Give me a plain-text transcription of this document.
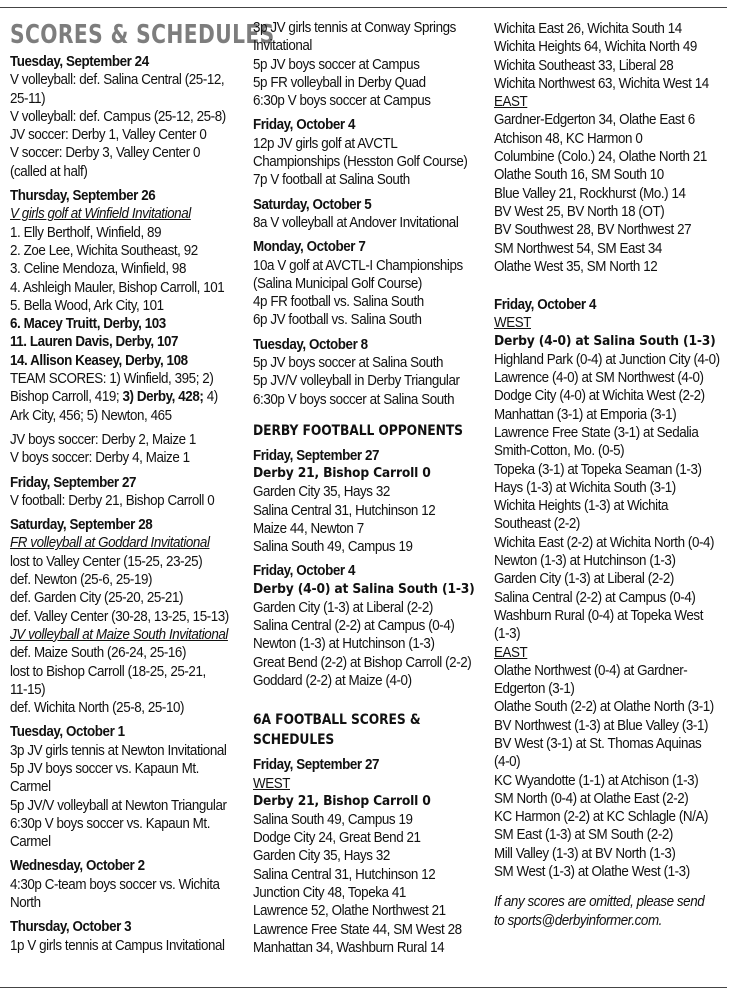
SCORES & SCHEDULES
Tuesday, September 24
V volleyball: def. Salina Central (25-12,
25-11)
V volleyball: def. Campus (25-12, 25-8)
JV soccer: Derby 1, Valley Center 0
V soccer: Derby 3, Valley Center 0
(called at half)
Thursday, September 26
V girls golf at Winfield Invitational
1. Elly Bertholf, Winfield, 89
2. Zoe Lee, Wichita Southeast, 92
3. Celine Mendoza, Winfield, 98
4. Ashleigh Mauler, Bishop Carroll, 101
5. Bella Wood, Ark City, 101
6. Macey Truitt, Derby, 103
11. Lauren Davis, Derby, 107
14. Allison Keasey, Derby, 108
TEAM SCORES: 1) Winfield, 395; 2)
Bishop Carroll, 419; 3) Derby, 428; 4)
Ark City, 456; 5) Newton, 465
JV boys soccer: Derby 2, Maize 1
V boys soccer: Derby 4, Maize 1
Friday, September 27
V football: Derby 21, Bishop Carroll 0
Saturday, September 28
FR volleyball at Goddard Invitational
lost to Valley Center (15-25, 23-25)
def. Newton (25-6, 25-19)
def. Garden City (25-20, 25-21)
def. Valley Center (30-28, 13-25, 15-13)
JV volleyball at Maize South Invitational
def. Maize South (26-24, 25-16)
lost to Bishop Carroll (18-25, 25-21,
11-15)
def. Wichita North (25-8, 25-10)
Tuesday, October 1
3p JV girls tennis at Newton Invitational
5p JV boys soccer vs. Kapaun Mt.
Carmel
5p JV/V volleyball at Newton Triangular
6:30p V boys soccer vs. Kapaun Mt.
Carmel
Wednesday, October 2
4:30p C-team boys soccer vs. Wichita
North
Thursday, October 3
1p V girls tennis at Campus Invitational
3p JV girls tennis at Conway Springs
Invitational
5p JV boys soccer at Campus
5p FR volleyball in Derby Quad
6:30p V boys soccer at Campus
Friday, October 4
12p JV girls golf at AVCTL
Championships (Hesston Golf Course)
7p V football at Salina South
Saturday, October 5
8a V volleyball at Andover Invitational
Monday, October 7
10a V golf at AVCTL-I Championships
(Salina Municipal Golf Course)
4p FR football vs. Salina South
6p JV football vs. Salina South
Tuesday, October 8
5p JV boys soccer at Salina South
5p JV/V volleyball in Derby Triangular
6:30p V boys soccer at Salina South
DERBY FOOTBALL OPPONENTS
Friday, September 27
Derby 21, Bishop Carroll 0
Garden City 35, Hays 32
Salina Central 31, Hutchinson 12
Maize 44, Newton 7
Salina South 49, Campus 19
Friday, October 4
Derby (4-0) at Salina South (1-3)
Garden City (1-3) at Liberal (2-2)
Salina Central (2-2) at Campus (0-4)
Newton (1-3) at Hutchinson (1-3)
Great Bend (2-2) at Bishop Carroll (2-2)
Goddard (2-2) at Maize (4-0)
6A FOOTBALL SCORES &
SCHEDULES
Friday, September 27
WEST
Derby 21, Bishop Carroll 0
Salina South 49, Campus 19
Dodge City 24, Great Bend 21
Garden City 35, Hays 32
Salina Central 31, Hutchinson 12
Junction City 48, Topeka 41
Lawrence 52, Olathe Northwest 21
Lawrence Free State 44, SM West 28
Manhattan 34, Washburn Rural 14
Wichita East 26, Wichita South 14
Wichita Heights 64, Wichita North 49
Wichita Southeast 33, Liberal 28
Wichita Northwest 63, Wichita West 14
EAST
Gardner-Edgerton 34, Olathe East 6
Atchison 48, KC Harmon 0
Columbine (Colo.) 24, Olathe North 21
Olathe South 16, SM South 10
Blue Valley 21, Rockhurst (Mo.) 14
BV West 25, BV North 18 (OT)
BV Southwest 28, BV Northwest 27
SM Northwest 54, SM East 34
Olathe West 35, SM North 12
Friday, October 4
WEST
Derby (4-0) at Salina South (1-3)
Highland Park (0-4) at Junction City (4-0)
Lawrence (4-0) at SM Northwest (4-0)
Dodge City (4-0) at Wichita West (2-2)
Manhattan (3-1) at Emporia (3-1)
Lawrence Free State (3-1) at Sedalia
Smith-Cotton, Mo. (0-5)
Topeka (3-1) at Topeka Seaman (1-3)
Hays (1-3) at Wichita South (3-1)
Wichita Heights (1-3) at Wichita
Southeast (2-2)
Wichita East (2-2) at Wichita North (0-4)
Newton (1-3) at Hutchinson (1-3)
Garden City (1-3) at Liberal (2-2)
Salina Central (2-2) at Campus (0-4)
Washburn Rural (0-4) at Topeka West
(1-3)
EAST
Olathe Northwest (0-4) at Gardner-
Edgerton (3-1)
Olathe South (2-2) at Olathe North (3-1)
BV Northwest (1-3) at Blue Valley (3-1)
BV West (3-1) at St. Thomas Aquinas
(4-0)
KC Wyandotte (1-1) at Atchison (1-3)
SM North (0-4) at Olathe East (2-2)
KC Harmon (2-2) at KC Schlagle (N/A)
SM East (1-3) at SM South (2-2)
Mill Valley (1-3) at BV North (1-3)
SM West (1-3) at Olathe West (1-3)
If any scores are omitted, please send
to sports@derbyinformer.com.
